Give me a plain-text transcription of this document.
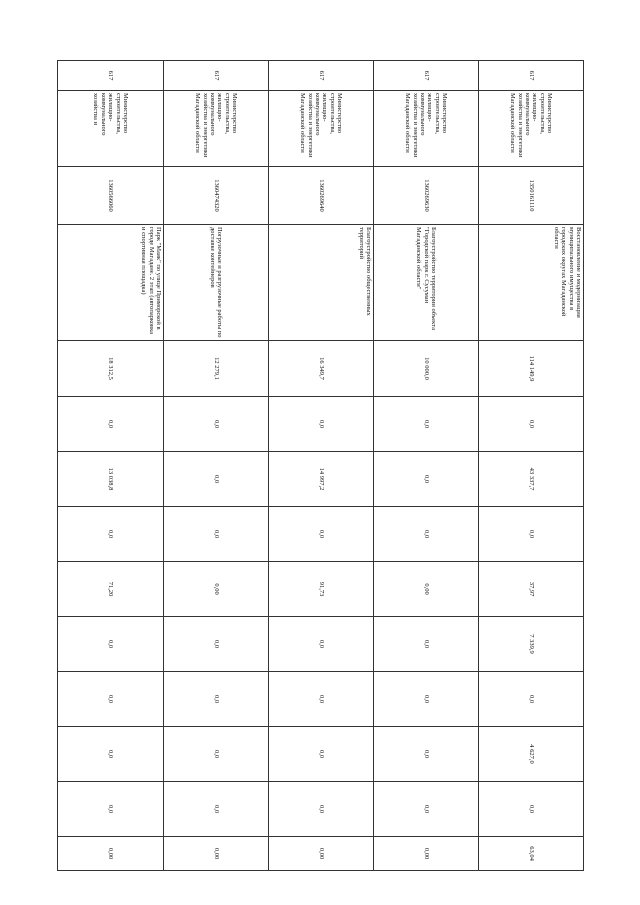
617	Министерство строительства, жилищно-коммунального хозяйства и энергетики Магаданской области	1350161110	Восстановление и модернизация муниципального имущества в городских округах Магаданской области	114 149,9	0,0	43 337,7	0,0	37,97	7 339,9	0,0	4 627,0	0,0	63,04
617	Министерство строительства, жилищно-коммунального хозяйства и энергетики Магаданской области	1360269630	Благоустройство территории объекта "Городской парк г. Сусуман Магаданской области"	10 000,0	0,0	0,0	0,0	0,00	0,0	0,0	0,0	0,0	0,00
617	Министерство строительства, жилищно-коммунального хозяйства и энергетики Магаданской области	1360269640	Благоустройство общественных территорий	16 349,7	0,0	14 997,2	0,0	91,73	0,0	0,0	0,0	0,0	0,00
617	Министерство строительства, жилищно-коммунального хозяйства и энергетики Магаданской области	1360474320	Погрузочные и разгрузочные работы по доставке контейнеров	12 279,1	0,0	0,0	0,0	0,00	0,0	0,0	0,0	0,0	0,00
617	Министерство строительства, жилищно-коммунального хозяйства и	1360566060	Парк "Маяк" по улице Приморской в городе Магадане. 2 этап (автопарковка и спортивная площадка)	18 312,5	0,0	13 038,8	0,0	71,20	0,0	0,0	0,0	0,0	0,00
